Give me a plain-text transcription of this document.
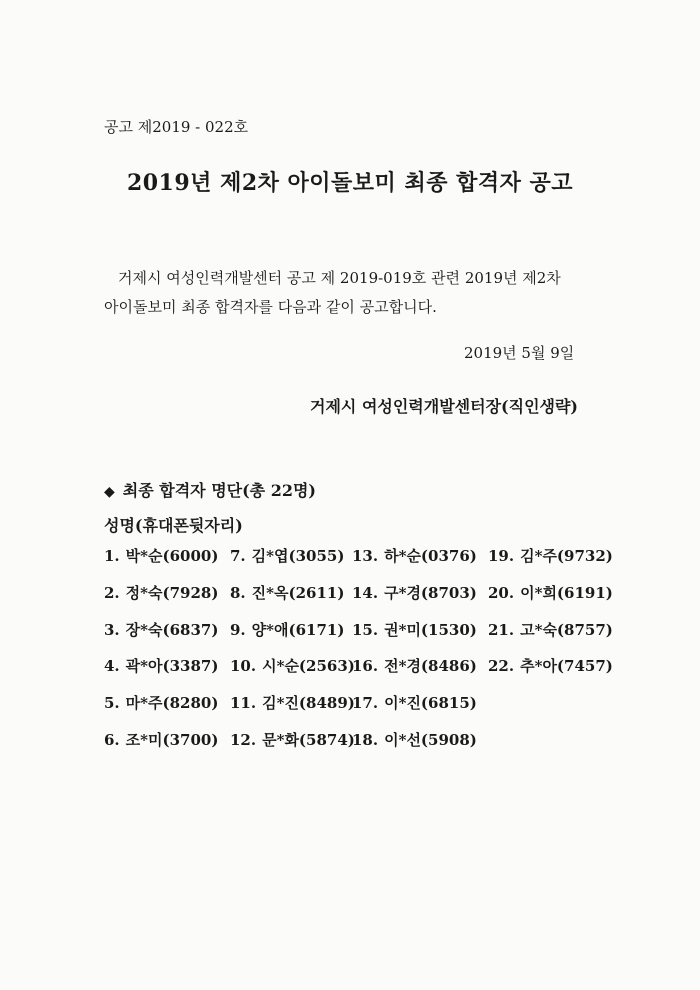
공고 제2019 - 022호
2019년 제2차 아이돌보미 최종 합격자 공고
거제시 여성인력개발센터 공고 제 2019-019호 관련 2019년 제2차
아이돌보미 최종 합격자를 다음과 같이 공고합니다.
2019년 5월 9일
거제시 여성인력개발센터장(직인생략)
◆ 최종 합격자 명단(총 22명)
성명(휴대폰뒷자리)
1. 박*순(6000)
2. 정*숙(7928)
3. 장*숙(6837)
4. 곽*아(3387)
5. 마*주(8280)
6. 조*미(3700)
7. 김*엽(3055)
8. 진*옥(2611)
9. 양*애(6171)
10. 시*순(2563)
11. 김*진(8489)
12. 문*화(5874)
13. 하*순(0376)
14. 구*경(8703)
15. 권*미(1530)
16. 전*경(8486)
17. 이*진(6815)
18. 이*선(5908)
19. 김*주(9732)
20. 이*희(6191)
21. 고*숙(8757)
22. 추*아(7457)
